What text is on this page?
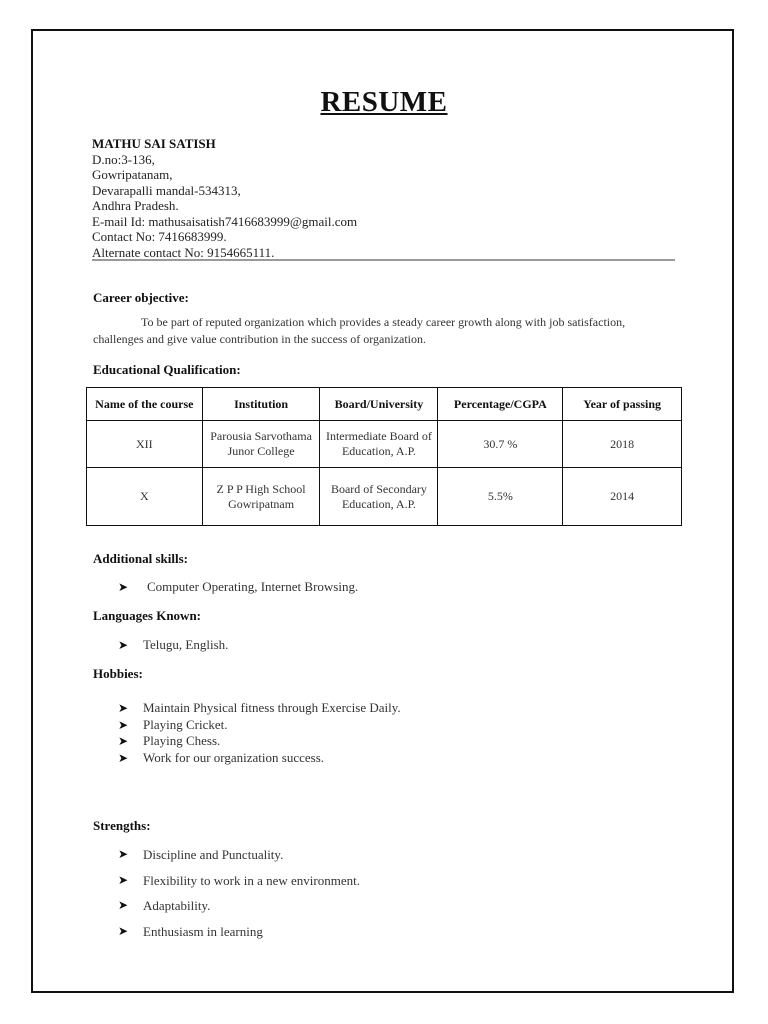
RESUME
MATHU SAI SATISH
D.no:3-136,
Gowripatanam,
Devarapalli mandal-534313,
Andhra Pradesh.
E-mail Id: mathusaisatish7416683999@gmail.com
Contact No: 7416683999.
Alternate contact No: 9154665111.
Career objective:
To be part of reputed organization which provides a steady career growth along with job satisfaction, challenges and give value contribution in the success of organization.
Educational Qualification:
Name of the course	Institution	Board/University	Percentage/CGPA	Year of passing
XII	Parousia Sarvothama Junor College	Intermediate Board of Education, A.P.	30.7 %	2018
X	Z P P High School Gowripatnam	Board of Secondary Education, A.P.	5.5%	2014
Additional skills:
➤ Computer Operating, Internet Browsing.
Languages Known:
➤ Telugu, English.
Hobbies:
➤ Maintain Physical fitness through Exercise Daily.
➤ Playing Cricket.
➤ Playing Chess.
➤ Work for our organization success.
Strengths:
➤ Discipline and Punctuality.
➤ Flexibility to work in a new environment.
➤ Adaptability.
➤ Enthusiasm in learning
